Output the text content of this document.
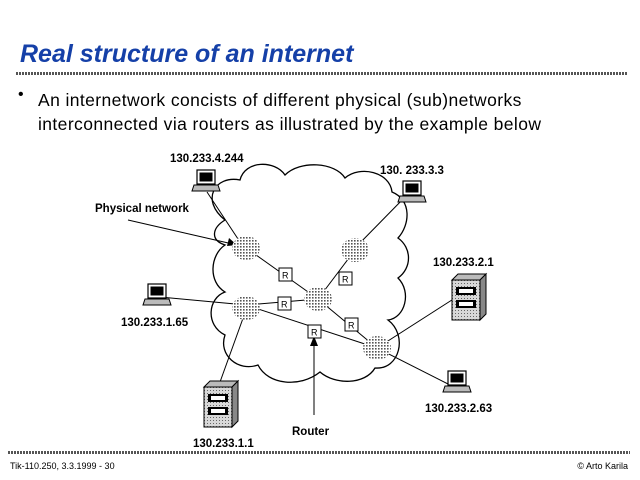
Real structure of an internet
• An internetwork concists of different physical (sub)networks
interconnected via routers as illustrated by the example below
R	R
R
R
R
130.233.4.244
130. 233.3.3
130.233.2.1
130.233.1.65
130.233.2.63
130.233.1.1
Physical network
Router
Tik-110.250, 3.3.1999 - 30	© Arto Karila
